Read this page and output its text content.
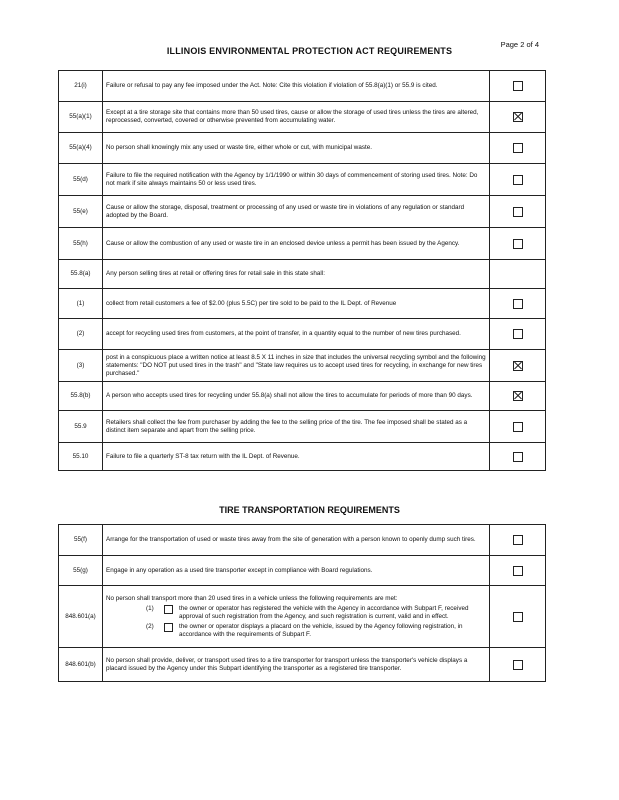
Page 2 of 4
ILLINOIS ENVIRONMENTAL PROTECTION ACT REQUIREMENTS
21(i)	Failure or refusal to pay any fee imposed under the Act. Note: Cite this violation if violation of 55.8(a)(1) or 55.9 is cited.	
55(a)(1)	Except at a tire storage site that contains more than 50 used tires, cause or allow the storage of used tires unless the tires are altered, reprocessed, converted, covered or otherwise prevented from accumulating water.	
55(a)(4)	No person shall knowingly mix any used or waste tire, either whole or cut, with municipal waste.	
55(d)	Failure to file the required notification with the Agency by 1/1/1990 or within 30 days of commencement of storing used tires. Note: Do not mark if site always maintains 50 or less used tires.	
55(e)	Cause or allow the storage, disposal, treatment or processing of any used or waste tire in violations of any regulation or standard adopted by the Board.	
55(h)	Cause or allow the combustion of any used or waste tire in an enclosed device unless a permit has been issued by the Agency.	
55.8(a)	Any person selling tires at retail or offering tires for retail sale in this state shall:	
(1)	collect from retail customers a fee of $2.00 (plus 5.5C) per tire sold to be paid to the IL Dept. of Revenue	
(2)	accept for recycling used tires from customers, at the point of transfer, in a quantity equal to the number of new tires purchased.	
(3)	post in a conspicuous place a written notice at least 8.5 X 11 inches in size that includes the universal recycling symbol and the following statements: "DO NOT put used tires in the trash" and "State law requires us to accept used tires for recycling, in exchange for new tires purchased."	
55.8(b)	A person who accepts used tires for recycling under 55.8(a) shall not allow the tires to accumulate for periods of more than 90 days.	
55.9	Retailers shall collect the fee from purchaser by adding the fee to the selling price of the tire. The fee imposed shall be stated as a distinct item separate and apart from the selling price.	
55.10	Failure to file a quarterly ST-8 tax return with the IL Dept. of Revenue.	
TIRE TRANSPORTATION REQUIREMENTS
55(f)	Arrange for the transportation of used or waste tires away from the site of generation with a person known to openly dump such tires.	
55(g)	Engage in any operation as a used tire transporter except in compliance with Board regulations.	
848.601(a)	No person shall transport more than 20 used tires in a vehicle unless the following requirements are met:
(1) the owner or operator has registered the vehicle with the Agency in accordance with Subpart F, received approval of such registration from the Agency, and such registration is current, valid and in effect.
(2) the owner or operator displays a placard on the vehicle, issued by the Agency following registration, in accordance with the requirements of Subpart F.	

848.601(b)	No person shall provide, deliver, or transport used tires to a tire transporter for transport unless the transporter's vehicle displays a placard issued by the Agency under this Subpart identifying the transporter as a registered tire transporter.	
